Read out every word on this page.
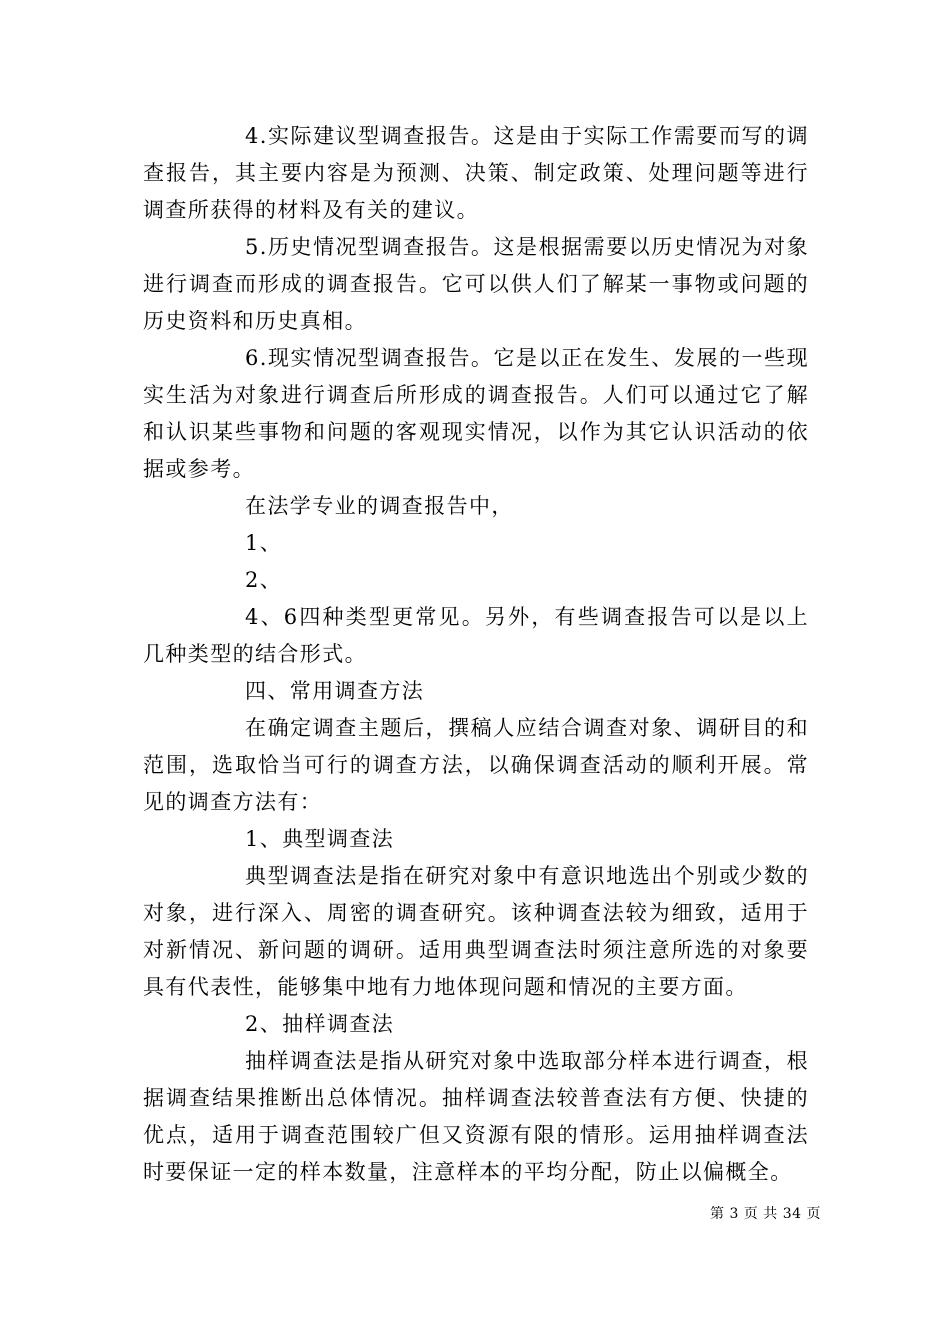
4.实际建议型调查报告。这是由于实际工作需要而写的调查报告，其主要内容是为预测、决策、制定政策、处理问题等进行调查所获得的材料及有关的建议。

5.历史情况型调查报告。这是根据需要以历史情况为对象进行调查而形成的调查报告。它可以供人们了解某一事物或问题的历史资料和历史真相。

6.现实情况型调查报告。它是以正在发生、发展的一些现实生活为对象进行调查后所形成的调查报告。人们可以通过它了解和认识某些事物和问题的客观现实情况，以作为其它认识活动的依据或参考。

在法学专业的调查报告中，

1、

2、

4、6四种类型更常见。另外，有些调查报告可以是以上几种类型的结合形式。

四、常用调查方法

在确定调查主题后，撰稿人应结合调查对象、调研目的和范围，选取恰当可行的调查方法，以确保调查活动的顺利开展。常见的调查方法有：

1、典型调查法

典型调查法是指在研究对象中有意识地选出个别或少数的对象，进行深入、周密的调查研究。该种调查法较为细致，适用于对新情况、新问题的调研。适用典型调查法时须注意所选的对象要具有代表性，能够集中地有力地体现问题和情况的主要方面。

2、抽样调查法

抽样调查法是指从研究对象中选取部分样本进行调查，根据调查结果推断出总体情况。抽样调查法较普查法有方便、快捷的优点，适用于调查范围较广但又资源有限的情形。运用抽样调查法时要保证一定的样本数量，注意样本的平均分配，防止以偏概全。

第 3 页 共 34 页
